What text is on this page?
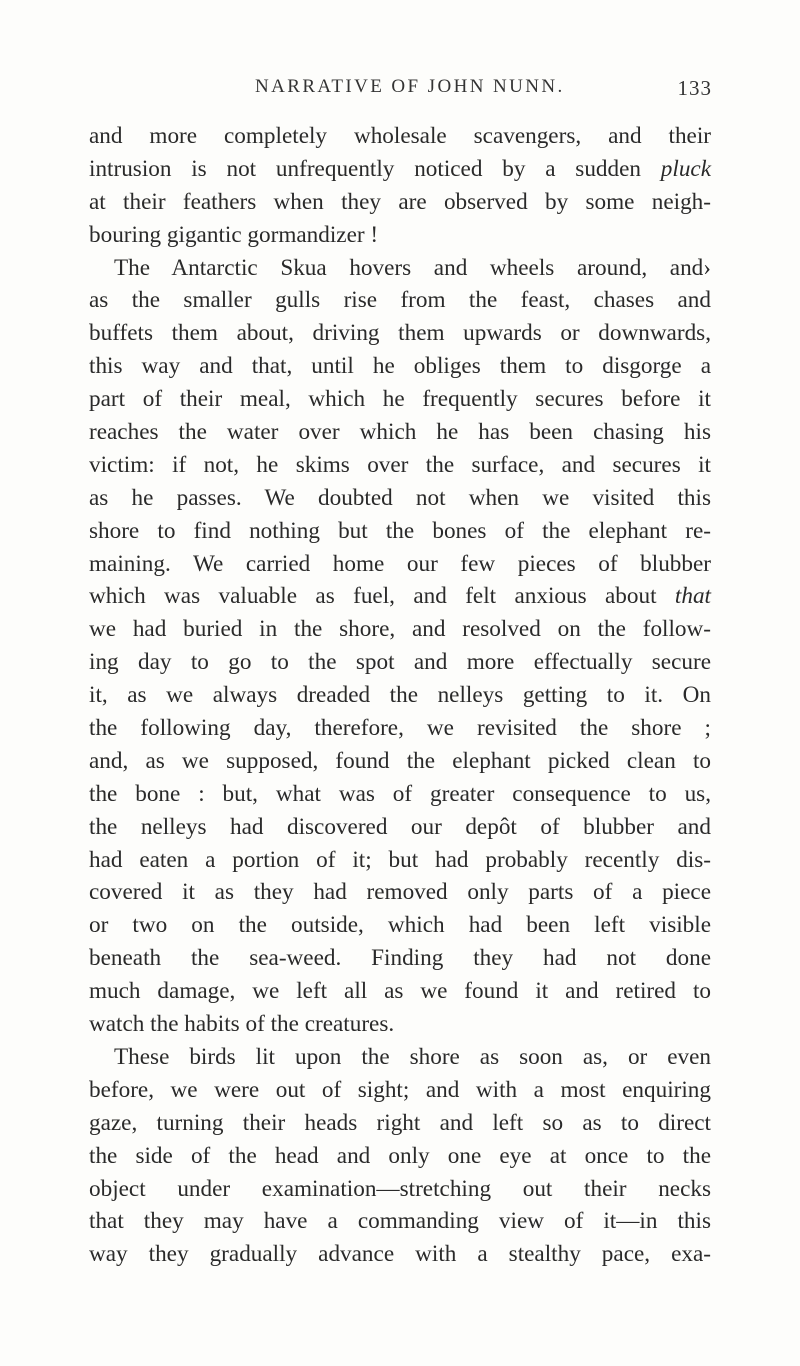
NARRATIVE OF JOHN NUNN.	133
and more completely wholesale scavengers, and their
intrusion is not unfrequently noticed by a sudden pluck
at their feathers when they are observed by some neigh-
bouring gigantic gormandizer !
The Antarctic Skua hovers and wheels around, and›
as the smaller gulls rise from the feast, chases and
buffets them about, driving them upwards or downwards,
this way and that, until he obliges them to disgorge a
part of their meal, which he frequently secures before it
reaches the water over which he has been chasing his
victim: if not, he skims over the surface, and secures it
as he passes. We doubted not when we visited this
shore to find nothing but the bones of the elephant re-
maining. We carried home our few pieces of blubber
which was valuable as fuel, and felt anxious about that
we had buried in the shore, and resolved on the follow-
ing day to go to the spot and more effectually secure
it, as we always dreaded the nelleys getting to it. On
the following day, therefore, we revisited the shore ;
and, as we supposed, found the elephant picked clean to
the bone : but, what was of greater consequence to us,
the nelleys had discovered our depôt of blubber and
had eaten a portion of it; but had probably recently dis-
covered it as they had removed only parts of a piece
or two on the outside, which had been left visible
beneath the sea-weed. Finding they had not done
much damage, we left all as we found it and retired to
watch the habits of the creatures.
These birds lit upon the shore as soon as, or even
before, we were out of sight; and with a most enquiring
gaze, turning their heads right and left so as to direct
the side of the head and only one eye at once to the
object under examination—stretching out their necks
that they may have a commanding view of it—in this
way they gradually advance with a stealthy pace, exa-
